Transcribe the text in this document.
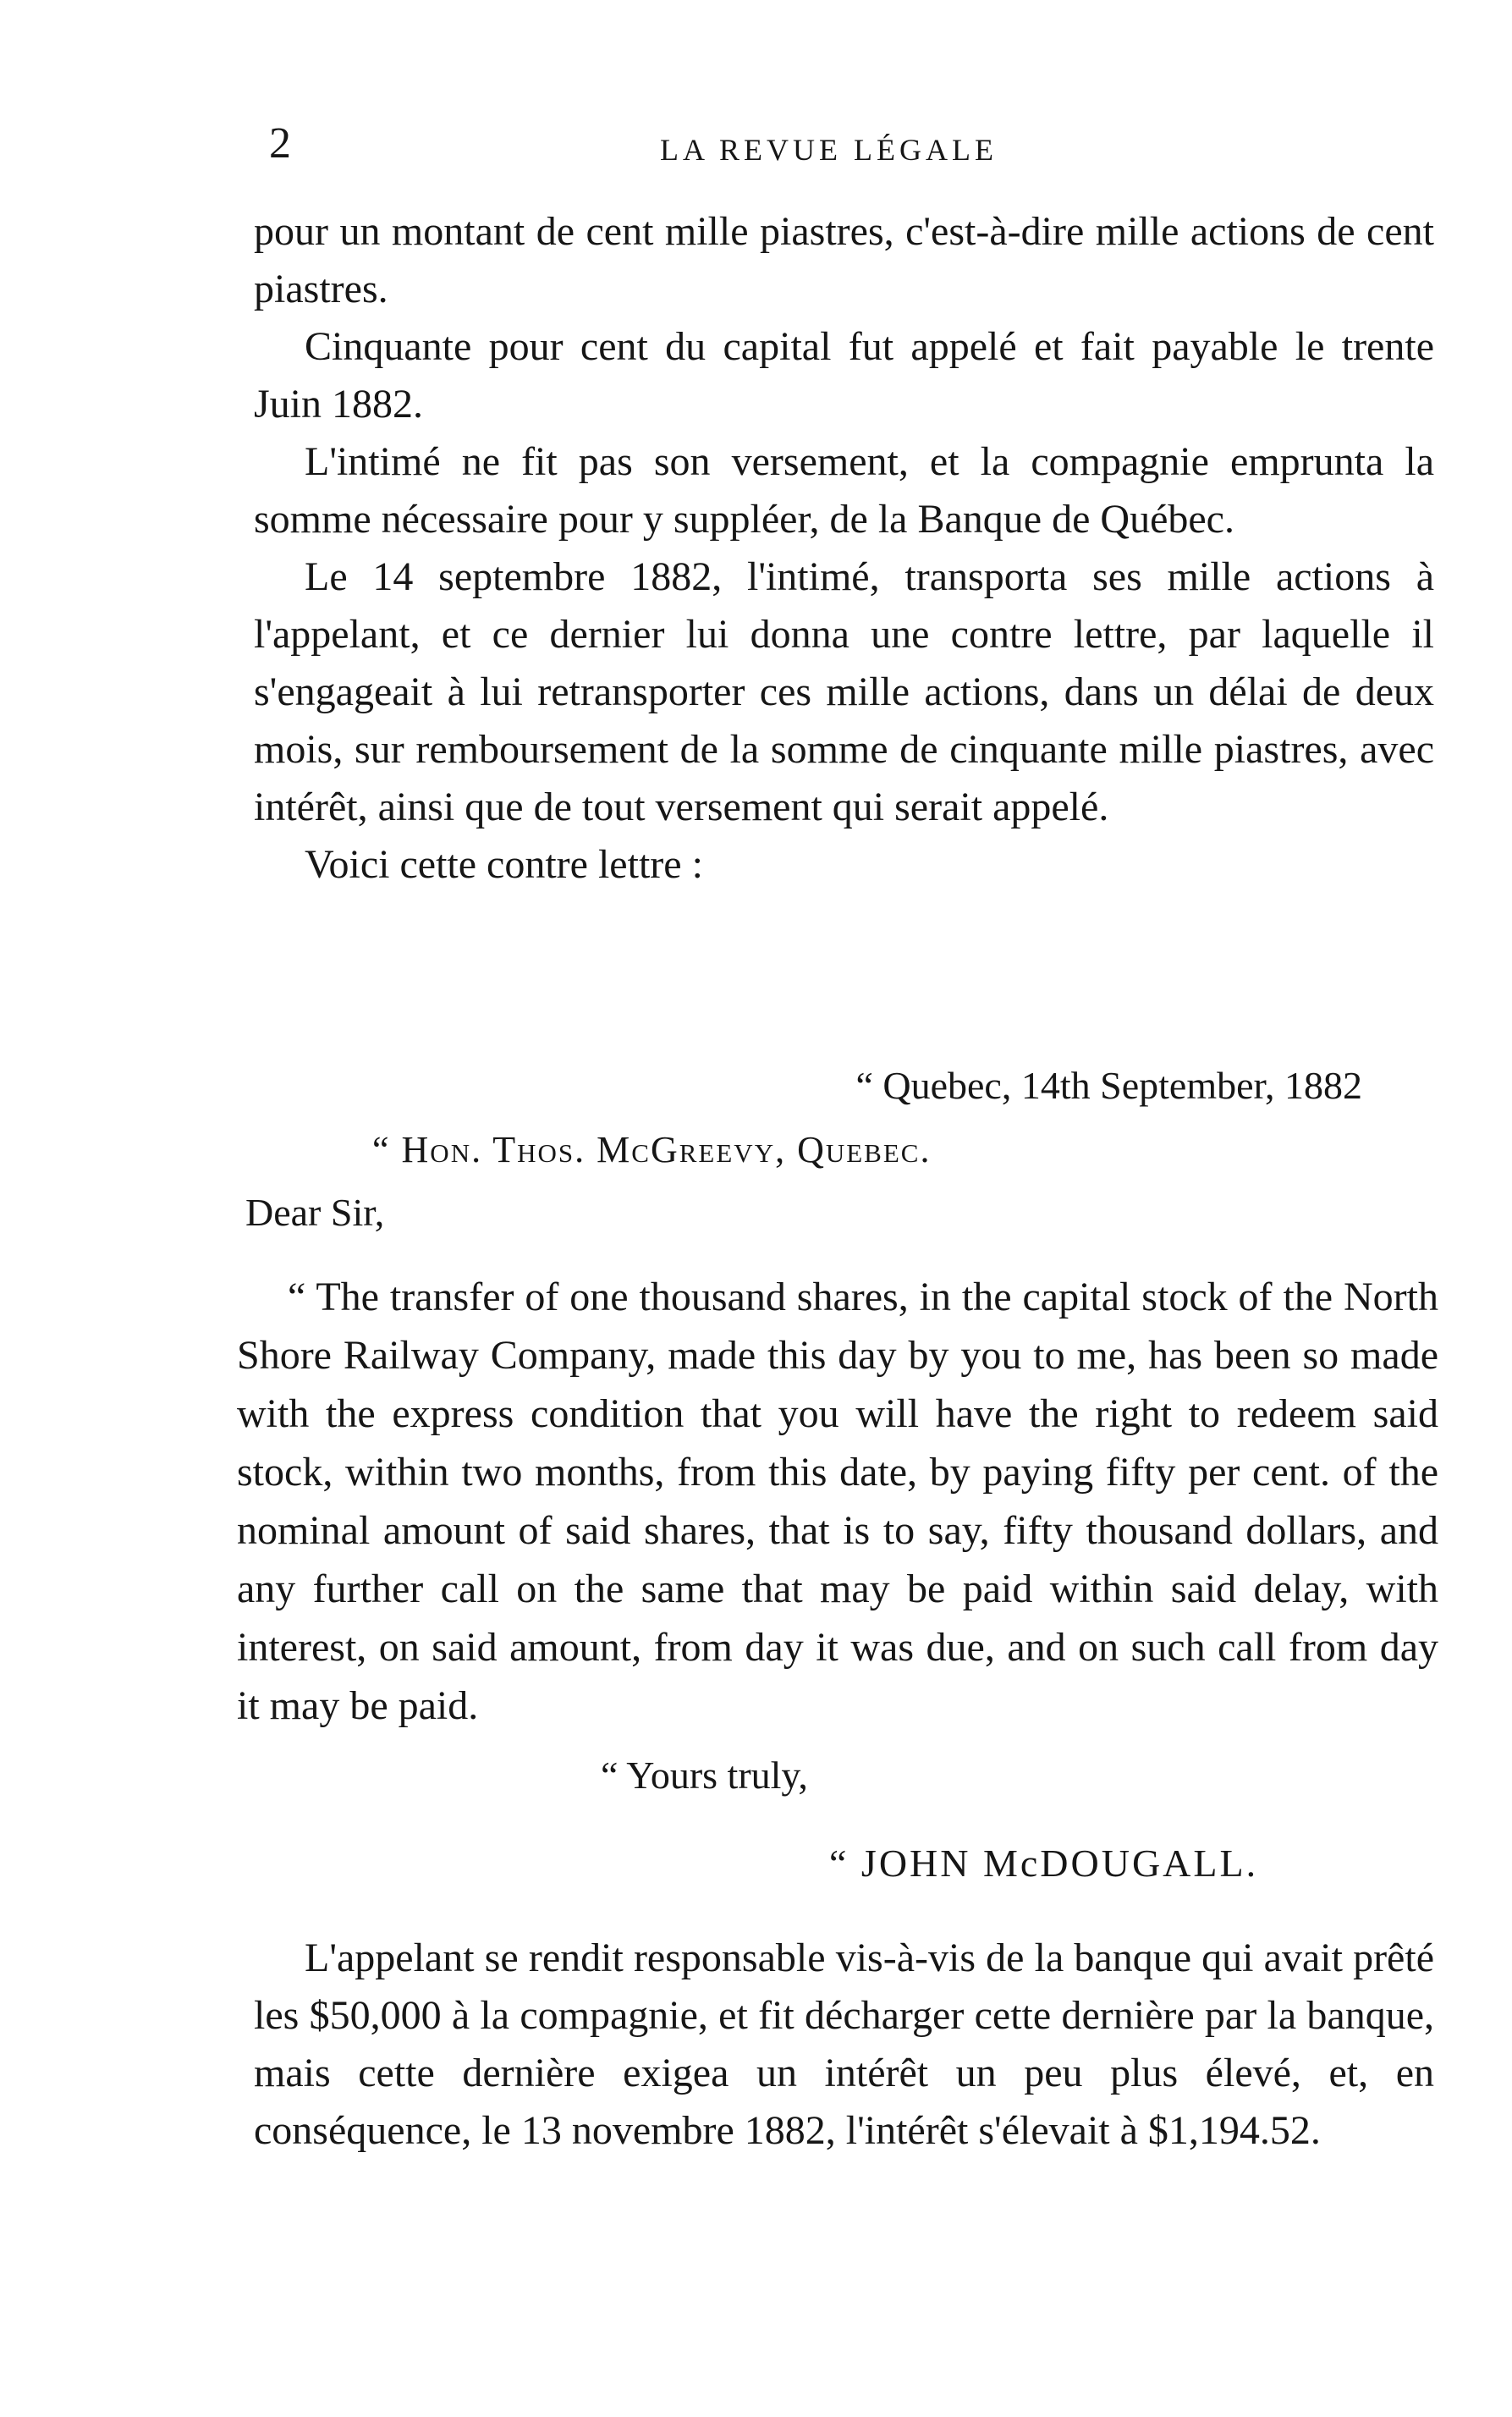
2	LA REVUE LÉGALE

pour un montant de cent mille piastres, c'est-à-dire mille actions de cent piastres.

Cinquante pour cent du capital fut appelé et fait payable le trente Juin 1882.

L'intimé ne fit pas son versement, et la compagnie emprunta la somme nécessaire pour y suppléer, de la Banque de Québec.

Le 14 septembre 1882, l'intimé, transporta ses mille actions à l'appelant, et ce dernier lui donna une contre lettre, par laquelle il s'engageait à lui retransporter ces mille actions, dans un délai de deux mois, sur remboursement de la somme de cinquante mille piastres, avec intérêt, ainsi que de tout versement qui serait appelé.

Voici cette contre lettre :

“ Quebec, 14th September, 1882

“ Hon. Thos. McGreevy, Quebec.

Dear Sir,

“ The transfer of one thousand shares, in the capital stock of the North Shore Railway Company, made this day by you to me, has been so made with the express condition that you will have the right to redeem said stock, within two months, from this date, by paying fifty per cent. of the nominal amount of said shares, that is to say, fifty thousand dollars, and any further call on the same that may be paid within said delay, with interest, on said amount, from day it was due, and on such call from day it may be paid.

“ Yours truly,

“ JOHN McDOUGALL.

L'appelant se rendit responsable vis-à-vis de la banque qui avait prêté les $50,000 à la compagnie, et fit décharger cette dernière par la banque, mais cette dernière exigea un intérêt un peu plus élevé, et, en conséquence, le 13 novembre 1882, l'intérêt s'élevait à $1,194.52.
